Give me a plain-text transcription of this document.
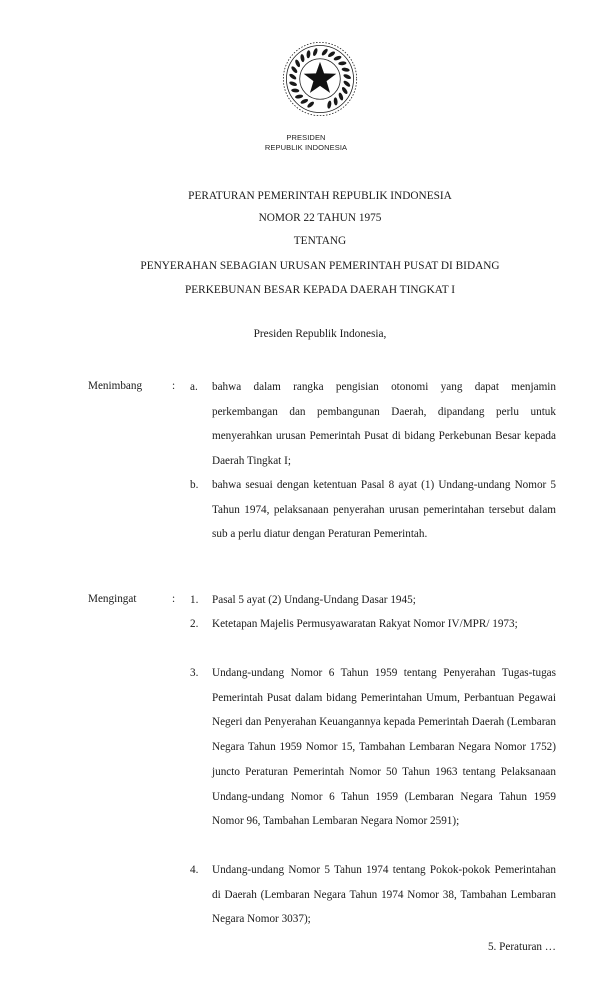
PRESIDEN
REPUBLIK INDONESIA
PERATURAN PEMERINTAH REPUBLIK INDONESIA
NOMOR 22 TAHUN 1975
TENTANG
PENYERAHAN SEBAGIAN URUSAN PEMERINTAH PUSAT DI BIDANG
PERKEBUNAN BESAR KEPADA DAERAH TINGKAT I
Presiden Republik Indonesia,
Menimbang	: a.	bahwa dalam rangka pengisian otonomi yang dapat menjamin perkembangan dan pembangunan Daerah, dipandang perlu untuk menyerahkan urusan Pemerintah Pusat di bidang Perkebunan Besar kepada Daerah Tingkat I;
b.	bahwa sesuai dengan ketentuan Pasal 8 ayat (1) Undang-undang Nomor 5 Tahun 1974, pelaksanaan penyerahan urusan pemerintahan tersebut dalam sub a perlu diatur dengan Peraturan Pemerintah.
Mengingat	: 1.	Pasal 5 ayat (2) Undang-Undang Dasar 1945;
2.	Ketetapan Majelis Permusyawaratan Rakyat Nomor IV/MPR/ 1973;
3.	Undang-undang Nomor 6 Tahun 1959 tentang Penyerahan Tugas-tugas Pemerintah Pusat dalam bidang Pemerintahan Umum, Perbantuan Pegawai Negeri dan Penyerahan Keuangannya kepada Pemerintah Daerah (Lembaran Negara Tahun 1959 Nomor 15, Tambahan Lembaran Negara Nomor 1752) juncto Peraturan Pemerintah Nomor 50 Tahun 1963 tentang Pelaksanaan Undang-undang Nomor 6 Tahun 1959 (Lembaran Negara Tahun 1959 Nomor 96, Tambahan Lembaran Negara Nomor 2591);
4.	Undang-undang Nomor 5 Tahun 1974 tentang Pokok-pokok Pemerintahan di Daerah (Lembaran Negara Tahun 1974 Nomor 38, Tambahan Lembaran Negara Nomor 3037);
5. Peraturan …
